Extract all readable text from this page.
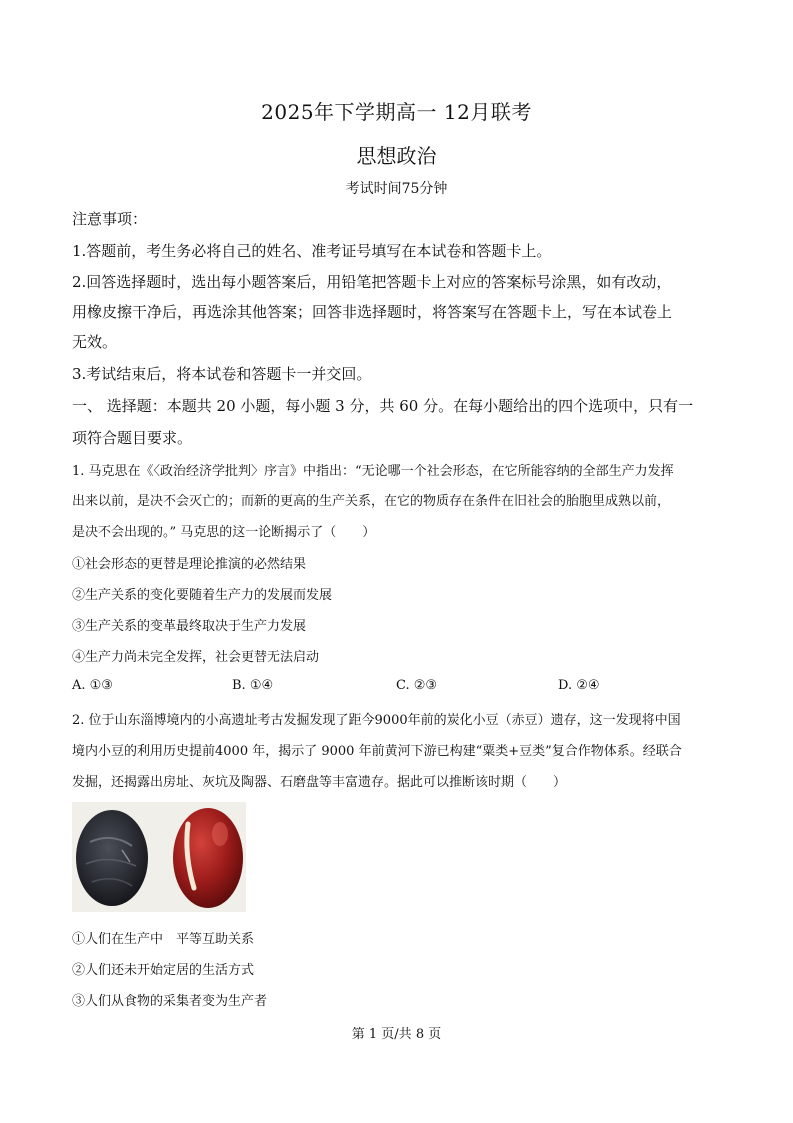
2025年下学期高一 12月联考
思想政治
考试时间75分钟
注意事项：
1.答题前，考生务必将自己的姓名、准考证号填写在本试卷和答题卡上。
2.回答选择题时，选出每小题答案后，用铅笔把答题卡上对应的答案标号涂黑，如有改动，
用橡皮擦干净后，再选涂其他答案；回答非选择题时，将答案写在答题卡上，写在本试卷上
无效。
3.考试结束后，将本试卷和答题卡一并交回。
一、 选择题：本题共 20 小题，每小题 3 分，共 60 分。在每小题给出的四个选项中，只有一
项符合题目要求。
1. 马克思在《〈政治经济学批判〉序言》中指出：“无论哪一个社会形态，在它所能容纳的全部生产力发挥
出来以前，是决不会灭亡的；而新的更高的生产关系，在它的物质存在条件在旧社会的胎胞里成熟以前，
是决不会出现的。” 马克思的这一论断揭示了（　　）
①社会形态的更替是理论推演的必然结果
②生产关系的变化要随着生产力的发展而发展
③生产关系的变革最终取决于生产力发展
④生产力尚未完全发挥，社会更替无法启动
A. ①③	B. ①④	C. ②③	D. ②④
2. 位于山东淄博境内的小高遗址考古发掘发现了距今9000年前的炭化小豆（赤豆）遗存，这一发现将中国
境内小豆的利用历史提前4000 年，揭示了 9000 年前黄河下游已构建“粟类+豆类”复合作物体系。经联合
发掘，还揭露出房址、灰坑及陶器、石磨盘等丰富遗存。据此可以推断该时期（　　）
①人们在生产中　平等互助关系
②人们还未开始定居的生活方式
③人们从食物的采集者变为生产者
第 1 页/共 8 页
